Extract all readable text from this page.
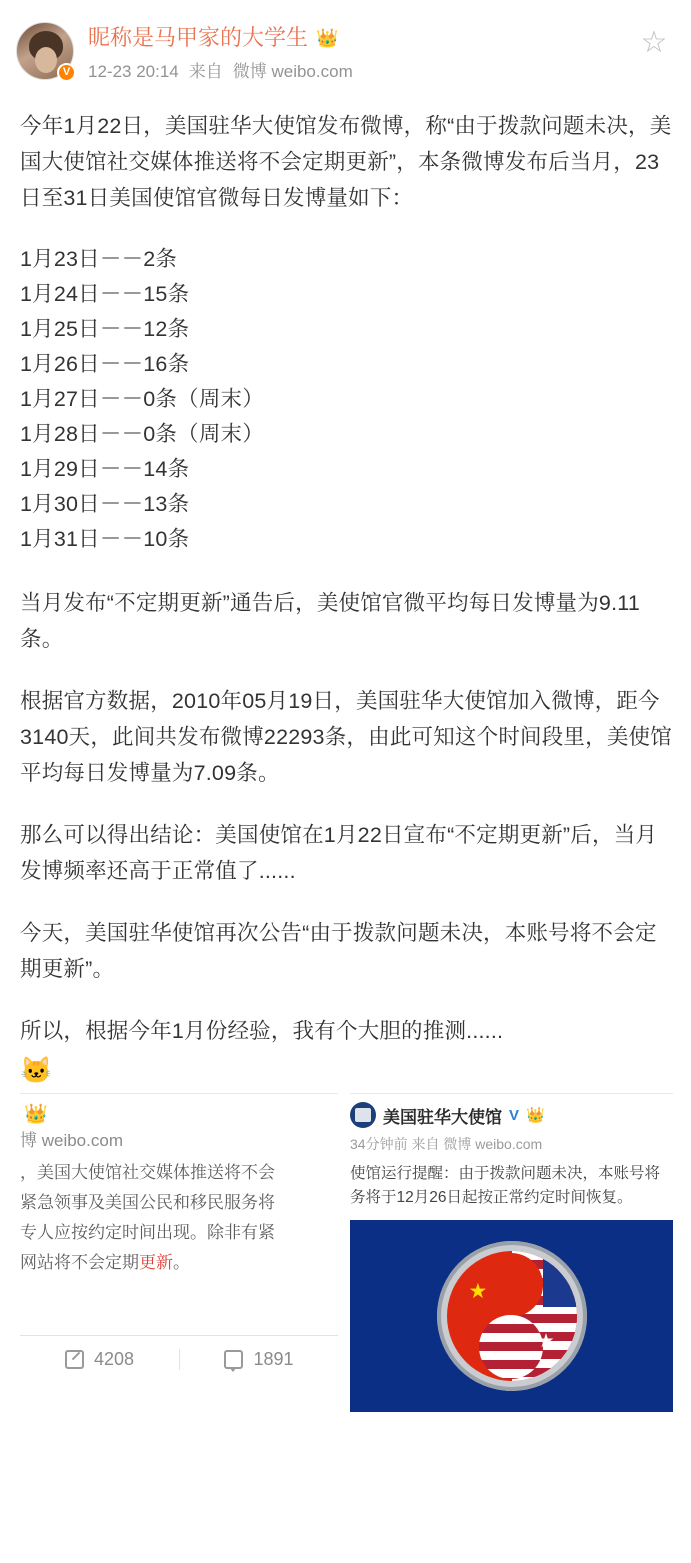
V
昵称是马甲家的大学生 👑
12-23 20:14 来自 微博 weibo.com
☆

今年1月22日，美国驻华大使馆发布微博，称“由于拨款问题未决，美国大使馆社交媒体推送将不会定期更新”，本条微博发布后当月，23日至31日美国使馆官微每日发博量如下：

1月23日－－2条

1月24日－－15条

1月25日－－12条

1月26日－－16条

1月27日－－0条（周末）

1月28日－－0条（周末）

1月29日－－14条

1月30日－－13条

1月31日－－10条

当月发布“不定期更新”通告后，美使馆官微平均每日发博量为9.11条。

根据官方数据，2010年05月19日，美国驻华大使馆加入微博，距今3140天，此间共发布微博22293条，由此可知这个时间段里，美使馆平均每日发博量为7.09条。

那么可以得出结论：美国使馆在1月22日宣布“不定期更新”后，当月发博频率还高于正常值了......

今天，美国驻华使馆再次公告“由于拨款问题未决，本账号将不会定期更新”。

所以，根据今年1月份经验，我有个大胆的推测......

🐱
👑
博 weibo.com
，美国大使馆社交媒体推送将不会
紧急领事及美国公民和移民服务将
专人应按约定时间出现。除非有紧
网站将不会定期更新。
4208	1891
美国驻华大使馆 V 👑
34分钟前 来自 微博 weibo.com
使馆运行提醒：由于拨款问题未决，本账号将 务将于12月26日起按正常约定时间恢复。
★
★
